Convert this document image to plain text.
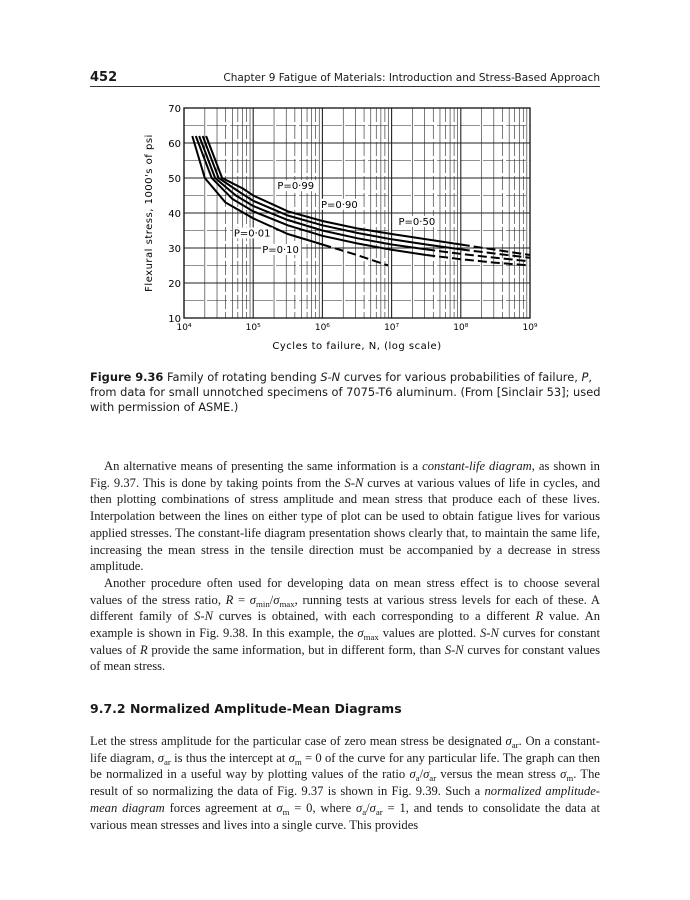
452	Chapter 9 Fatigue of Materials: Introduction and Stress-Based Approach
10
20
30
40
50
60
70
10⁴	10⁵	10⁶	10⁷	10⁸	10⁹
Cycles to failure, N, (log scale)
Flexural stress, 1000's of psi	P=0·01
P=0·10
P=0·50
P=0·90
P=0·99
Figure 9.36 Family of rotating bending S-N curves for various probabilities of failure, P, from data for small unnotched specimens of 7075-T6 aluminum. (From [Sinclair 53]; used with permission of ASME.)

An alternative means of presenting the same information is a constant-life diagram, as shown in Fig. 9.37. This is done by taking points from the S-N curves at various values of life in cycles, and then plotting combinations of stress amplitude and mean stress that produce each of these lives. Interpolation between the lines on either type of plot can be used to obtain fatigue lives for various applied stresses. The constant-life diagram presentation shows clearly that, to maintain the same life, increasing the mean stress in the tensile direction must be accompanied by a decrease in stress amplitude.

Another procedure often used for developing data on mean stress effect is to choose several values of the stress ratio, $R = \sigma_{min}/\sigma_{max}$, running tests at various stress levels for each of these. A different family of S-N curves is obtained, with each corresponding to a different R value. An example is shown in Fig. 9.38. In this example, the $\sigma_{max}$ values are plotted. S-N curves for constant values of R provide the same information, but in different form, than S-N curves for constant values of mean stress.

9.7.2 Normalized Amplitude-Mean Diagrams

Let the stress amplitude for the particular case of zero mean stress be designated $\sigma_{ar}$. On a constant-life diagram, $\sigma_{ar}$ is thus the intercept at $\sigma_m = 0$ of the curve for any particular life. The graph can then be normalized in a useful way by plotting values of the ratio $\sigma_a/\sigma_{ar}$ versus the mean stress $\sigma_m$. The result of so normalizing the data of Fig. 9.37 is shown in Fig. 9.39. Such a normalized amplitude-mean diagram forces agreement at $\sigma_m = 0$, where $\sigma_a/\sigma_{ar} = 1$, and tends to consolidate the data at various mean stresses and lives into a single curve. This provides
